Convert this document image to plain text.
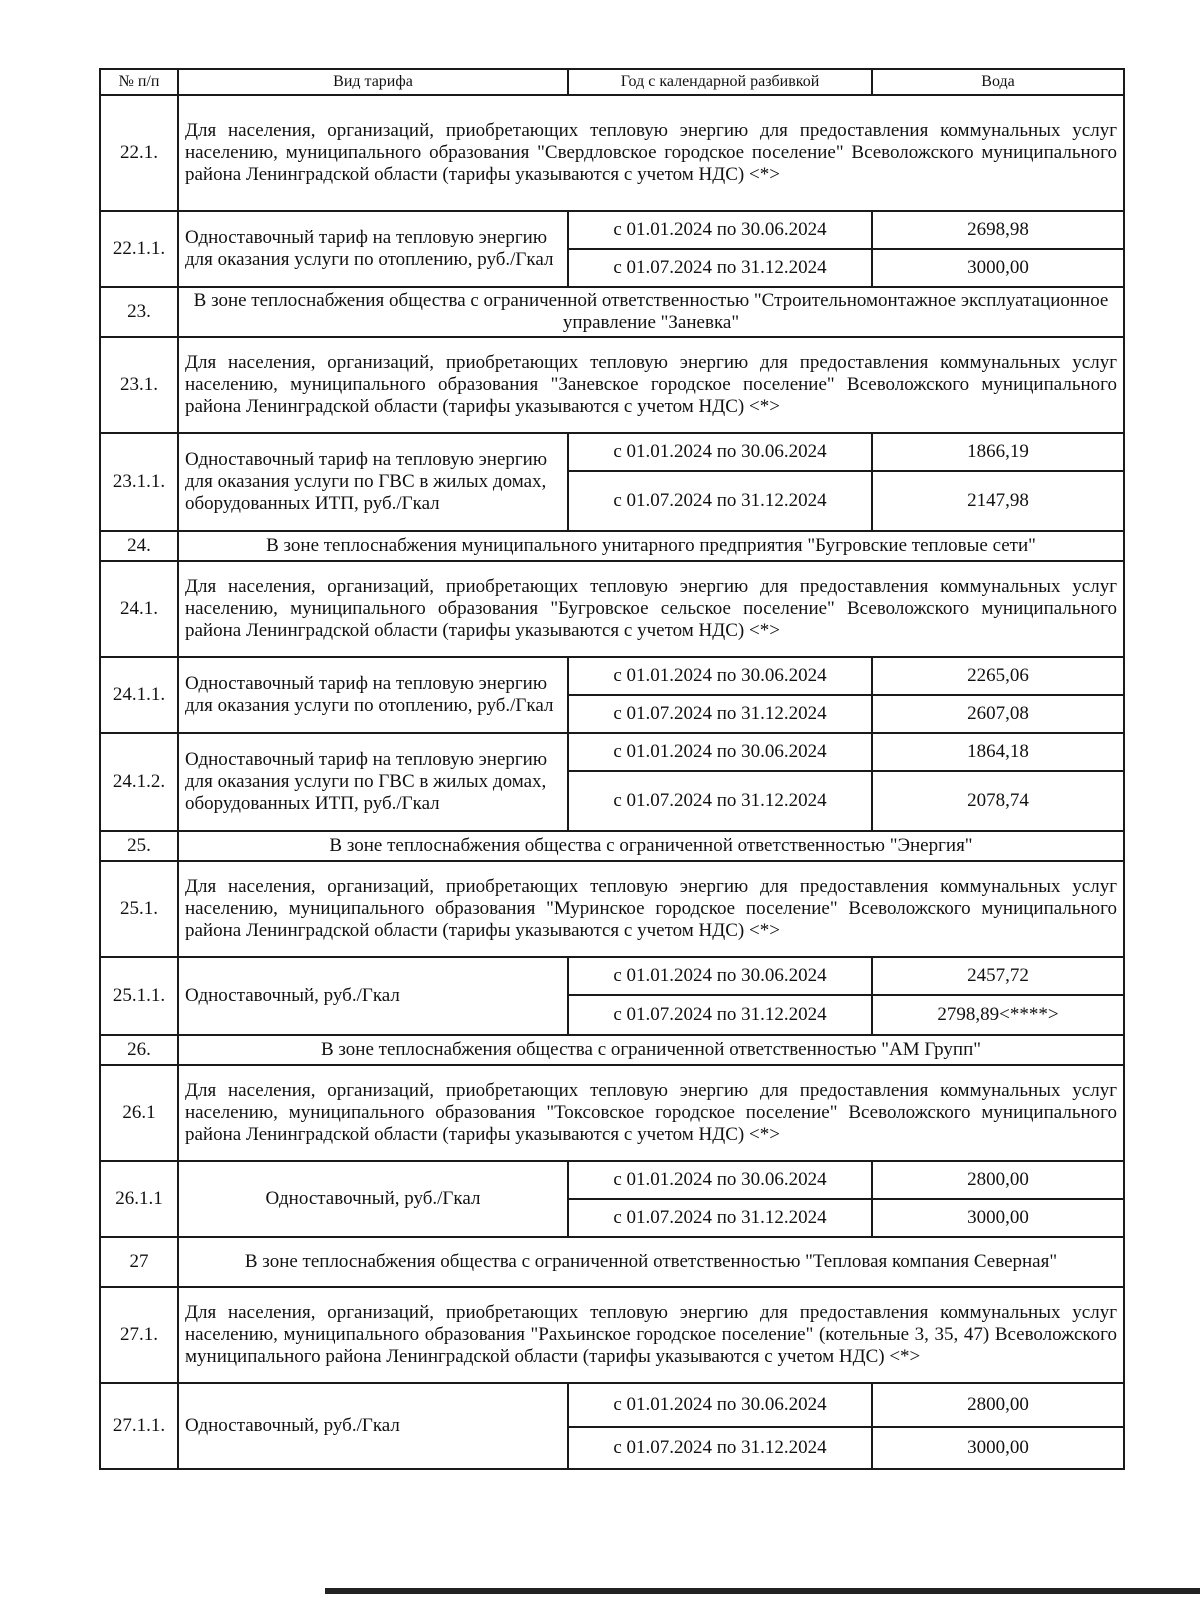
№ п/п	Вид тарифа	Год с календарной разбивкой	Вода
22.1.	Для населения, организаций, приобретающих тепловую энергию для предоставления коммунальных услуг населению, муниципального образования "Свердловское городское поселение" Всеволожского муниципального района Ленинградской области (тарифы указываются с учетом НДС) <*>		
22.1.1.	Одноставочный тариф на тепловую энергию для оказания услуги по отоплению, руб./Гкал	с 01.01.2024 по 30.06.2024	2698,98
		с 01.07.2024 по 31.12.2024	3000,00
23.	В зоне теплоснабжения общества с ограниченной ответственностью "Строительномонтажное эксплуатационное управление "Заневка"		
23.1.	Для населения, организаций, приобретающих тепловую энергию для предоставления коммунальных услуг населению, муниципального образования "Заневское городское поселение" Всеволожского муниципального района Ленинградской области (тарифы указываются с учетом НДС) <*>		
23.1.1.	Одноставочный тариф на тепловую энергию для оказания услуги по ГВС в жилых домах, оборудованных ИТП, руб./Гкал	с 01.01.2024 по 30.06.2024	1866,19
		с 01.07.2024 по 31.12.2024	2147,98
24.	В зоне теплоснабжения муниципального унитарного предприятия "Бугровские тепловые сети"		
24.1.	Для населения, организаций, приобретающих тепловую энергию для предоставления коммунальных услуг населению, муниципального образования "Бугровское сельское поселение" Всеволожского муниципального района Ленинградской области (тарифы указываются с учетом НДС) <*>		
24.1.1.	Одноставочный тариф на тепловую энергию для оказания услуги по отоплению, руб./Гкал	с 01.01.2024 по 30.06.2024	2265,06
		с 01.07.2024 по 31.12.2024	2607,08
24.1.2.	Одноставочный тариф на тепловую энергию для оказания услуги по ГВС в жилых домах, оборудованных ИТП, руб./Гкал	с 01.01.2024 по 30.06.2024	1864,18
		с 01.07.2024 по 31.12.2024	2078,74
25.	В зоне теплоснабжения общества с ограниченной ответственностью "Энергия"		
25.1.	Для населения, организаций, приобретающих тепловую энергию для предоставления коммунальных услуг населению, муниципального образования "Муринское городское поселение" Всеволожского муниципального района Ленинградской области (тарифы указываются с учетом НДС) <*>		
25.1.1.	Одноставочный, руб./Гкал	с 01.01.2024 по 30.06.2024	2457,72
		с 01.07.2024 по 31.12.2024	2798,89<****>
26.	В зоне теплоснабжения общества с ограниченной ответственностью "АМ Групп"		
26.1	Для населения, организаций, приобретающих тепловую энергию для предоставления коммунальных услуг населению, муниципального образования "Токсовское городское поселение" Всеволожского муниципального района Ленинградской области (тарифы указываются с учетом НДС) <*>		
26.1.1	Одноставочный, руб./Гкал	с 01.01.2024 по 30.06.2024	2800,00
		с 01.07.2024 по 31.12.2024	3000,00
27	В зоне теплоснабжения общества с ограниченной ответственностью "Тепловая компания Северная"		
27.1.	Для населения, организаций, приобретающих тепловую энергию для предоставления коммунальных услуг населению, муниципального образования "Рахьинское городское поселение" (котельные 3, 35, 47) Всеволожского муниципального района Ленинградской области (тарифы указываются с учетом НДС) <*>		
27.1.1.	Одноставочный, руб./Гкал	с 01.01.2024 по 30.06.2024	2800,00
		с 01.07.2024 по 31.12.2024	3000,00
